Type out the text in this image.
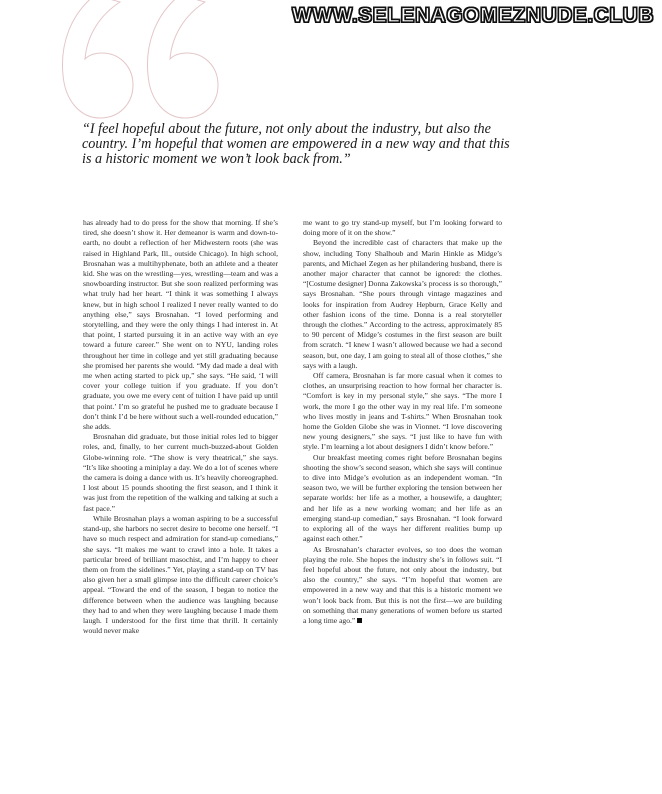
WWW.SELENAGOMEZNUDE.CLUB

“I feel hopeful about the future, not only about the industry, but also the country. I’m hopeful that women are empowered in a new way and that this is a historic moment we won’t look back from.”

has already had to do press for the show that morning. If she’s tired, she doesn’t show it. Her demeanor is warm and down-to-earth, no doubt a reflection of her Midwestern roots (she was raised in Highland Park, Ill., outside Chicago). In high school, Brosnahan was a multihyphenate, both an athlete and a theater kid. She was on the wrestling—yes, wrestling—team and was a snowboarding instructor. But she soon realized performing was what truly had her heart. “I think it was something I always knew, but in high school I realized I never really wanted to do anything else,” says Brosnahan. “I loved performing and storytelling, and they were the only things I had interest in. At that point, I started pursuing it in an active way with an eye toward a future career.” She went on to NYU, landing roles throughout her time in college and yet still graduating because she promised her parents she would. “My dad made a deal with me when acting started to pick up,” she says. “He said, ‘I will cover your college tuition if you graduate. If you don’t graduate, you owe me every cent of tuition I have paid up until that point.’ I’m so grateful he pushed me to graduate because I don’t think I’d be here without such a well-rounded education,” she adds.

Brosnahan did graduate, but those initial roles led to bigger roles, and, finally, to her current much-buzzed-about Golden Globe-winning role. “The show is very theatrical,” she says. “It’s like shooting a miniplay a day. We do a lot of scenes where the camera is doing a dance with us. It’s heavily choreographed. I lost about 15 pounds shooting the first season, and I think it was just from the repetition of the walking and talking at such a fast pace.”

While Brosnahan plays a woman aspiring to be a successful stand-up, she harbors no secret desire to become one herself. “I have so much respect and admiration for stand-up comedians,” she says. “It makes me want to crawl into a hole. It takes a particular breed of brilliant masochist, and I’m happy to cheer them on from the sidelines.” Yet, playing a stand-up on TV has also given her a small glimpse into the difficult career choice’s appeal. “Toward the end of the season, I began to notice the difference between when the audience was laughing because they had to and when they were laughing because I made them laugh. I understood for the first time that thrill. It certainly would never make

me want to go try stand-up myself, but I’m looking forward to doing more of it on the show.”

Beyond the incredible cast of characters that make up the show, including Tony Shalhoub and Marin Hinkle as Midge’s parents, and Michael Zegen as her philandering husband, there is another major character that cannot be ignored: the clothes. “[Costume designer] Donna Zakowska’s process is so thorough,” says Brosnahan. “She pours through vintage magazines and looks for inspiration from Audrey Hepburn, Grace Kelly and other fashion icons of the time. Donna is a real storyteller through the clothes.” According to the actress, approximately 85 to 90 percent of Midge’s costumes in the first season are built from scratch. “I knew I wasn’t allowed because we had a second season, but, one day, I am going to steal all of those clothes,” she says with a laugh.

Off camera, Brosnahan is far more casual when it comes to clothes, an unsurprising reaction to how formal her character is. “Comfort is key in my personal style,” she says. “The more I work, the more I go the other way in my real life. I’m someone who lives mostly in jeans and T-shirts.” When Brosnahan took home the Golden Globe she was in Vionnet. “I love discovering new young designers,” she says. “I just like to have fun with style. I’m learning a lot about designers I didn’t know before.”

Our breakfast meeting comes right before Brosnahan begins shooting the show’s second season, which she says will continue to dive into Midge’s evolution as an independent woman. “In season two, we will be further exploring the tension between her separate worlds: her life as a mother, a housewife, a daughter; and her life as a new working woman; and her life as an emerging stand-up comedian,” says Brosnahan. “I look forward to exploring all of the ways her different realities bump up against each other.”

As Brosnahan’s character evolves, so too does the woman playing the role. She hopes the industry she’s in follows suit. “I feel hopeful about the future, not only about the industry, but also the country,” she says. “I’m hopeful that women are empowered in a new way and that this is a historic moment we won’t look back from. But this is not the first—we are building on something that many generations of women before us started a long time ago.”
